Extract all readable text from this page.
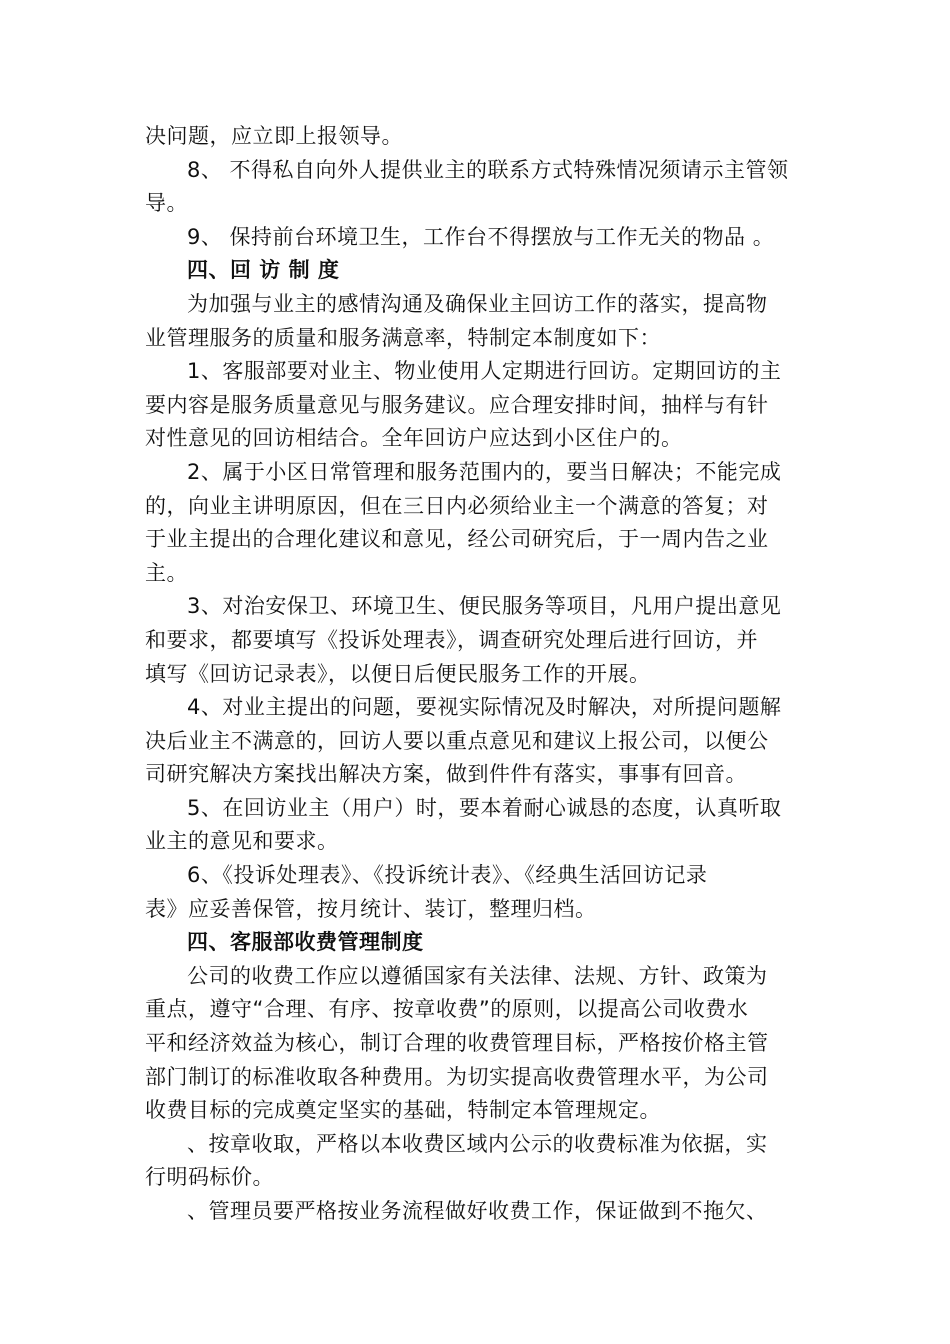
决问题，应立即上报领导。

8、 不得私自向外人提供业主的联系方式特殊情况须请示主管领

导。

9、 保持前台环境卫生，工作台不得摆放与工作无关的物品 。

四、回 访 制 度

为加强与业主的感情沟通及确保业主回访工作的落实，提高物

业管理服务的质量和服务满意率，特制定本制度如下：

1、客服部要对业主、物业使用人定期进行回访。定期回访的主

要内容是服务质量意见与服务建议。应合理安排时间，抽样与有针

对性意见的回访相结合。全年回访户应达到小区住户的。

2、属于小区日常管理和服务范围内的，要当日解决；不能完成

的，向业主讲明原因，但在三日内必须给业主一个满意的答复；对

于业主提出的合理化建议和意见，经公司研究后，于一周内告之业

主。

3、对治安保卫、环境卫生、便民服务等项目，凡用户提出意见

和要求，都要填写《投诉处理表》，调查研究处理后进行回访，并

填写《回访记录表》，以便日后便民服务工作的开展。

4、对业主提出的问题，要视实际情况及时解决，对所提问题解

决后业主不满意的，回访人要以重点意见和建议上报公司，以便公

司研究解决方案找出解决方案，做到件件有落实，事事有回音。

5、在回访业主（用户）时，要本着耐心诚恳的态度，认真听取

业主的意见和要求。

6、《投诉处理表》、《投诉统计表》、《经典生活回访记录

表》应妥善保管，按月统计、装订，整理归档。

四、客服部收费管理制度

公司的收费工作应以遵循国家有关法律、法规、方针、政策为

重点，遵守“合理、有序、按章收费”的原则，以提高公司收费水

平和经济效益为核心，制订合理的收费管理目标，严格按价格主管

部门制订的标准收取各种费用。为切实提高收费管理水平，为公司

收费目标的完成奠定坚实的基础，特制定本管理规定。

、按章收取，严格以本收费区域内公示的收费标准为依据，实

行明码标价。

、管理员要严格按业务流程做好收费工作，保证做到不拖欠、
